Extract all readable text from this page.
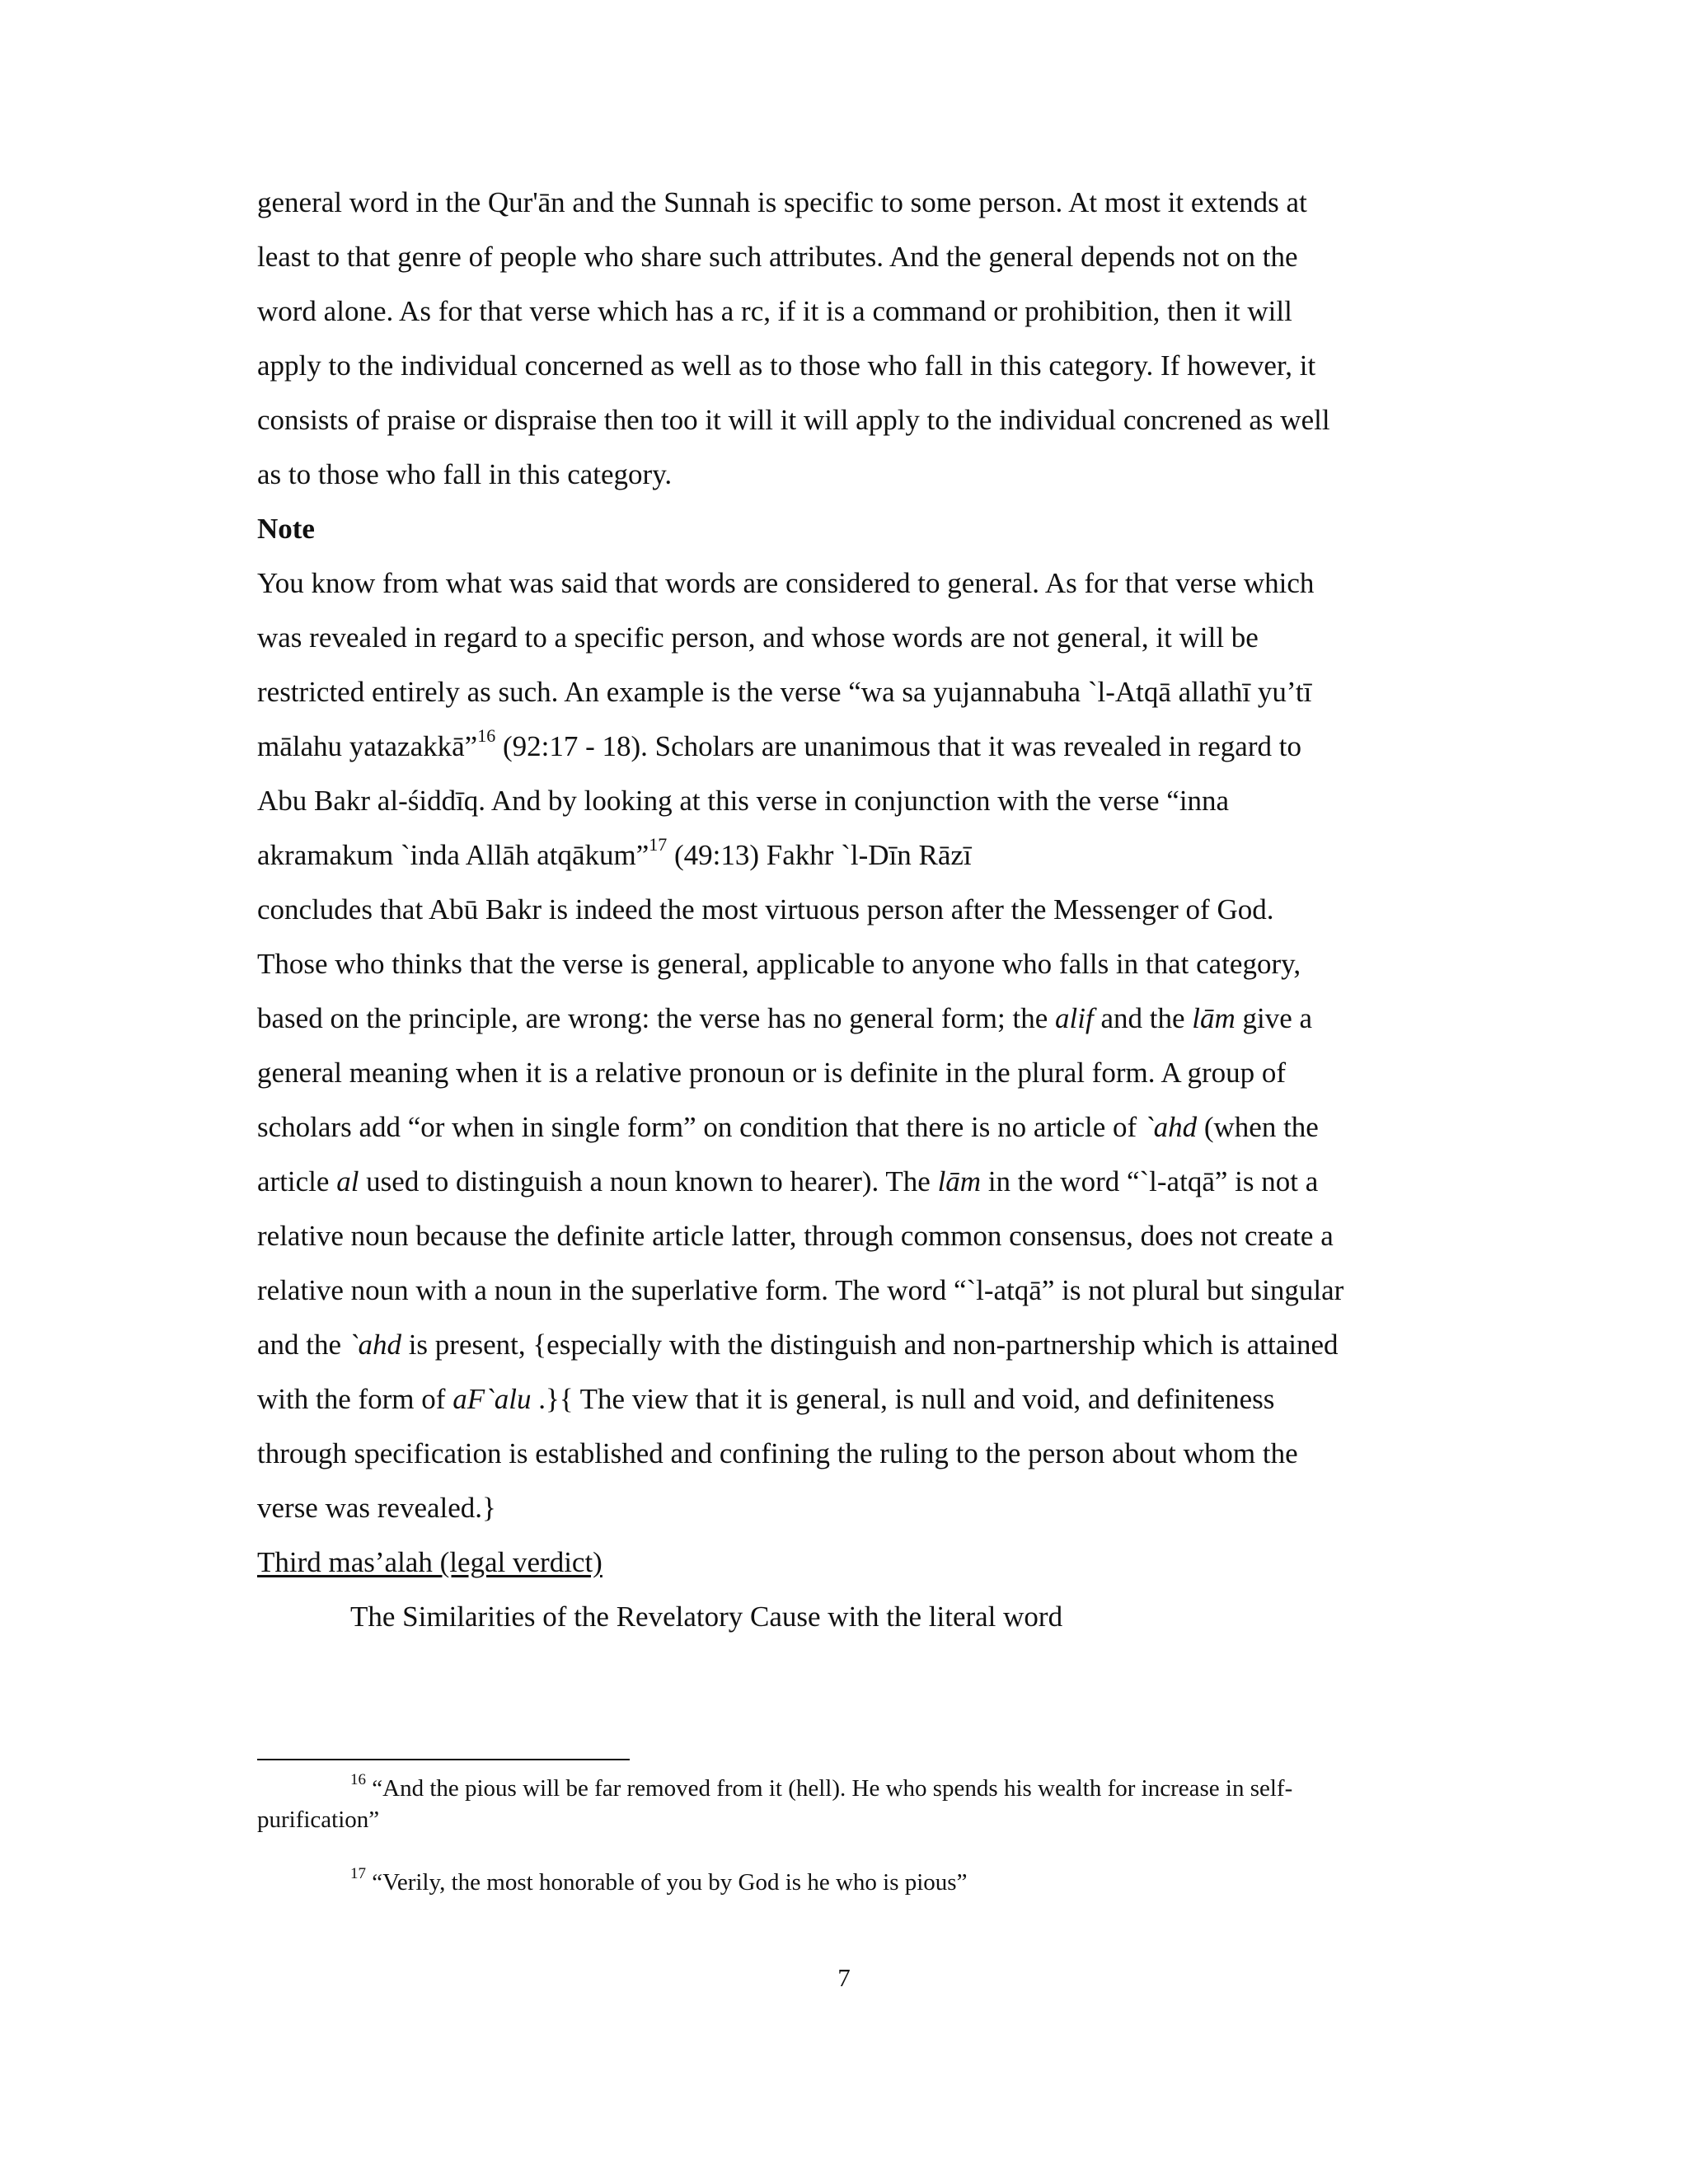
general word in the Qur'ān and the Sunnah is specific to some person. At most it extends at

least to that genre of people who share such attributes. And the general depends not on the

word alone. As for that verse which has a rc, if it is a command or prohibition, then it will

apply to the individual concerned as well as to those who fall in this category. If however, it

consists of praise or dispraise then too it will it will apply to the individual concrened as well

as to those who fall in this category.

Note

You know from what was said that words are considered to general. As for that verse which

was revealed in regard to a specific person, and whose words are not general, it will be

restricted entirely as such. An example is the verse “wa sa yujannabuha `l-Atqā allathī yu’tī

mālahu yatazakkā”$^{16}$ (92:17 - 18). Scholars are unanimous that it was revealed in regard to

Abu Bakr al-śiddīq. And by looking at this verse in conjunction with the verse “inna

akramakum `inda Allāh atqākum”$^{17}$ (49:13) Fakhr `l-Dīn Rāzī

concludes that Abū Bakr is indeed the most virtuous person after the Messenger of God.

Those who thinks that the verse is general, applicable to anyone who falls in that category,

based on the principle, are wrong: the verse has no general form; the alif and the lām give a

general meaning when it is a relative pronoun or is definite in the plural form. A group of

scholars add “or when in single form” on condition that there is no article of `ahd (when the

article al used to distinguish a noun known to hearer). The lām in the word “`l-atqā” is not a

relative noun because the definite article latter, through common consensus, does not create a

relative noun with a noun in the superlative form. The word “`l-atqā” is not plural but singular

and the `ahd is present, {especially with the distinguish and non-partnership which is attained

with the form of aF`alu .}{ The view that it is general, is null and void, and definiteness

through specification is established and confining the ruling to the person about whom the

verse was revealed.}

Third mas’alah (legal verdict)

The Similarities of the Revelatory Cause with the literal word

$^{16}$ “And the pious will be far removed from it (hell). He who spends his wealth for increase in self-

purification”

$^{17}$ “Verily, the most honorable of you by God is he who is pious”

7
